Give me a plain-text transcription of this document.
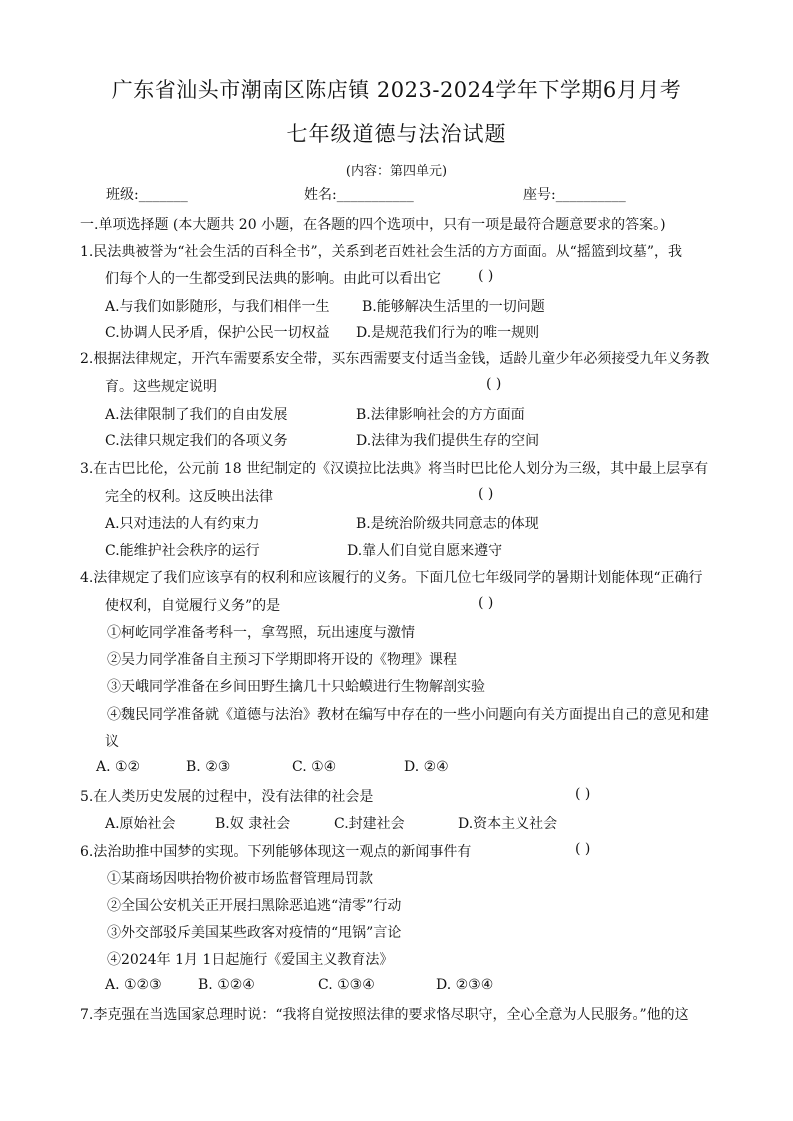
广东省汕头市潮南区陈店镇 2023-2024学年下学期6月月考
七年级道德与法治试题
(内容：第四单元)
班级:_______	姓名:___________	座号:__________
一.单项选择题 (本大题共 20 小题，在各题的四个选项中，只有一项是最符合题意要求的答案。)
1.民法典被誉为“社会生活的百科全书”，关系到老百姓社会生活的方方面面。从“摇篮到坟墓”，我
们每个人的一生都受到民法典的影响。由此可以看出它	( )
A.与我们如影随形，与我们相伴一生 B.能够解决生活里的一切问题
C.协调人民矛盾，保护公民一切权益 D.是规范我们行为的唯一规则
2.根据法律规定，开汽车需要系安全带，买东西需要支付适当金钱，适龄儿童少年必须接受九年义务教
育。这些规定说明	( )
A.法律限制了我们的自由发展	B.法律影响社会的方方面面
C.法律只规定我们的各项义务	D.法律为我们提供生存的空间
3.在古巴比伦，公元前 18 世纪制定的《汉谟拉比法典》将当时巴比伦人划分为三级，其中最上层享有
完全的权利。这反映出法律	( )
A.只对违法的人有约束力	B.是统治阶级共同意志的体现
C.能维护社会秩序的运行	D.靠人们自觉自愿来遵守
4.法律规定了我们应该享有的权利和应该履行的义务。下面几位七年级同学的暑期计划能体现“正确行
使权利，自觉履行义务”的是	( )
①柯屹同学准备考科一，拿驾照，玩出速度与激情
②吴力同学准备自主预习下学期即将开设的《物理》课程
③天峨同学准备在乡间田野生擒几十只蛤蟆进行生物解剖实验
④魏民同学准备就《道德与法治》教材在编写中存在的一些小问题向有关方面提出自己的意见和建
议
A. ①②	B. ②③	C. ①④	D. ②④
5.在人类历史发展的过程中，没有法律的社会是	( )
A.原始社会	B.奴 隶社会	C.封建社会	D.资本主义社会
6.法治助推中国梦的实现。下列能够体现这一观点的新闻事件有	( )
①某商场因哄抬物价被市场监督管理局罚款
②全国公安机关正开展扫黑除恶追逃“清零”行动
③外交部驳斥美国某些政客对疫情的“甩锅”言论
④2024年 1月 1日起施行《爱国主义教育法》
A. ①②③	B. ①②④	C. ①③④	D. ②③④
7.李克强在当选国家总理时说：“我将自觉按照法律的要求恪尽职守，全心全意为人民服务。”他的这
